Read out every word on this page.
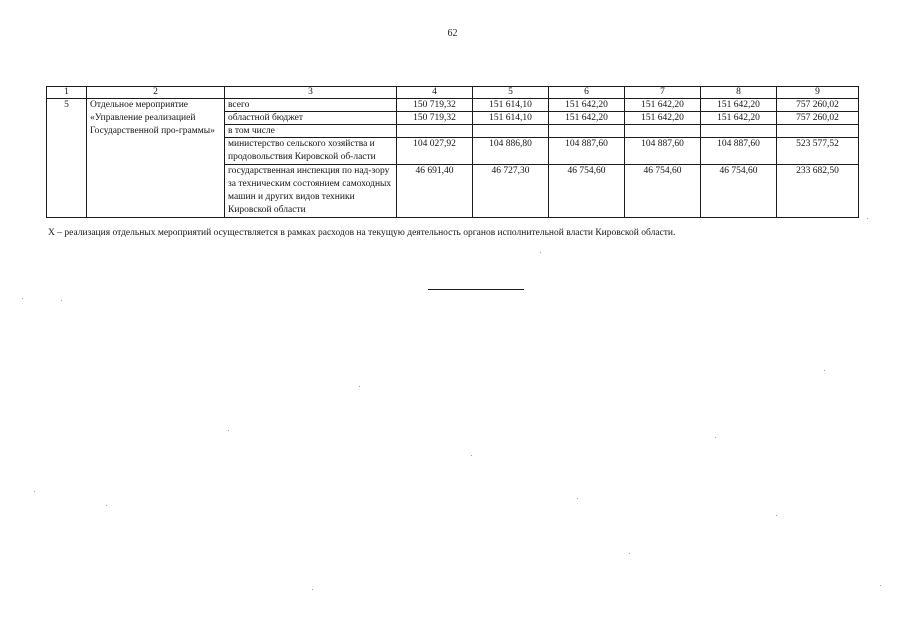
62
1	2	3	4	5	6	7	8	9
5	Отдельное мероприятие «Управление реализацией Государственной про-граммы»	всего	150 719,32	151 614,10	151 642,20	151 642,20	151 642,20	757 260,02
		областной бюджет	150 719,32	151 614,10	151 642,20	151 642,20	151 642,20	757 260,02
		в том числе						
		министерство сельского хозяйства и продовольствия Кировской об-ласти	104 027,92	104 886,80	104 887,60	104 887,60	104 887,60	523 577,52
		государственная инспекция по над-зору за техническим состоянием самоходных машин и других видов техники Кировской области	46 691,40	46 727,30	46 754,60	46 754,60	46 754,60	233 682,50
Х – реализация отдельных мероприятий осуществляется в рамках расходов на текущую деятельность органов исполнительной власти Кировской области.
